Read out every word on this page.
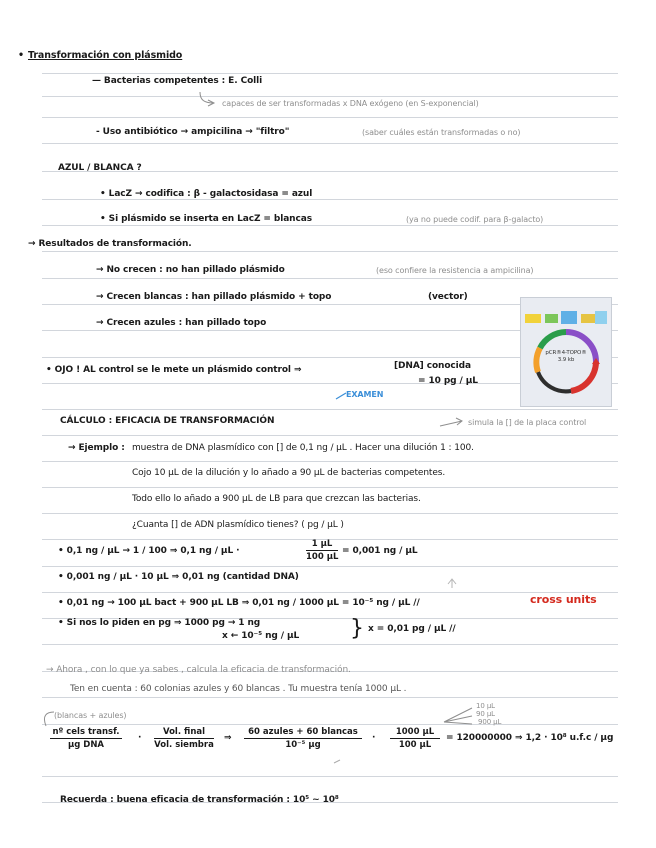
• Transformación con plásmido
— Bacterias competentes : E. Colli
capaces de ser transformadas x DNA exógeno (en S-exponencial)
- Uso antibiótico → ampicilina → "filtro"	(saber cuáles están transformadas o no)
AZUL / BLANCA ?
• LacZ → codifica : β - galactosidasa = azul
• Si plásmido se inserta en LacZ = blancas	(ya no puede codif. para β-galacto)
→ Resultados de transformación.
→ No crecen : no han pillado plásmido	(eso confiere la resistencia a ampicilina)
→ Crecen blancas : han pillado plásmido + topo	(vector)
→ Crecen azules : han pillado topo
pCR®4-TOPO® 3.9 kb
• OJO ! AL control se le mete un plásmido control ⇒	[DNA] conocida
= 10 pg / µL
EXAMEN
CÁLCULO : EFICACIA DE TRANSFORMACIÓN	simula la [] de la placa control
→ Ejemplo : muestra de DNA plasmídico con [] de 0,1 ng / µL . Hacer una dilución 1 : 100.
Cojo 10 µL de la dilución y lo añado a 90 µL de bacterias competentes.
Todo ello lo añado a 900 µL de LB para que crezcan las bacterias.
¿Cuanta [] de ADN plasmídico tienes? ( pg / µL )
• 0,1 ng / µL → 1 / 100 ⇒ 0,1 ng / µL ·
1 µL
100 µL
= 0,001 ng / µL
• 0,001 ng / µL · 10 µL ⇒ 0,01 ng (cantidad DNA)
• 0,01 ng → 100 µL bact + 900 µL LB ⇒ 0,01 ng / 1000 µL = 10⁻⁵ ng / µL //	cross units
• Si nos lo piden en pg ⇒ 1000 pg → 1 ng
x ← 10⁻⁵ ng / µL } x = 0,01 pg / µL //
→ Ahora , con lo que ya sabes , calcula la eficacia de transformación.
Ten en cuenta : 60 colonias azules y 60 blancas . Tu muestra tenía 1000 µL .
(blancas + azules)
10 µL
90 µL
900 µL
nº cels transf.
µg DNA
·
Vol. final
Vol. siembra
⇒
60 azules + 60 blancas
10⁻⁵ µg
·
1000 µL
100 µL
= 120000000 ⇒ 1,2 · 10⁸ u.f.c / µg
Recuerda : buena eficacia de transformación : 10⁵ ~ 10⁸
